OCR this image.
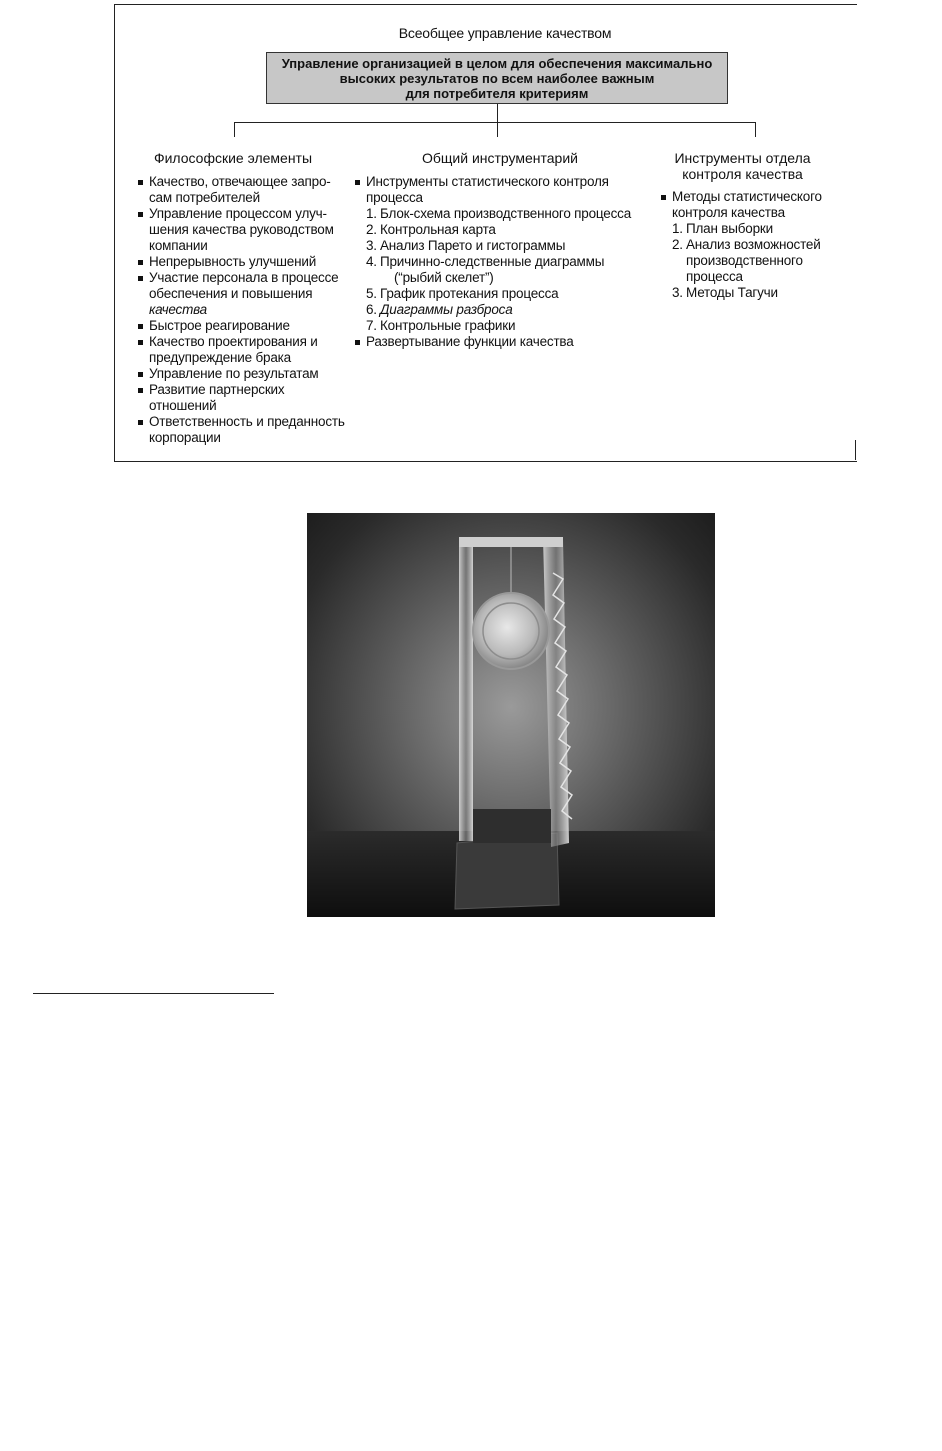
Всеобщее управление качеством
Управление организацией в целом для обеспечения максимально
высоких результатов по всем наиболее важным
для потребителя критериям
Философские элементы
Качество, отвечающее запро-
сам потребителей
Управление процессом улуч-
шения качества руководством
компании
Непрерывность улучшений
Участие персонала в процессе
обеспечения и повышения
качества
Быстрое реагирование
Качество проектирования и
предупреждение брака
Управление по результатам
Развитие партнерских
отношений
Ответственность и преданность
корпорации
Общий инструментарий
Инструменты статистического контроля
процесса
1. Блок-схема производственного процесса
2. Контрольная карта
3. Анализ Парето и гистограммы
4. Причинно-следственные диаграммы
(“рыбий скелет”)
5. График протекания процесса
6. Диаграммы разброса
7. Контрольные графики
Развертывание функции качества
Инструменты отдела
контроля качества
Методы статистического
контроля качества
1. План выборки
2. Анализ возможностей
производственного
процесса
3. Методы Тагучи
